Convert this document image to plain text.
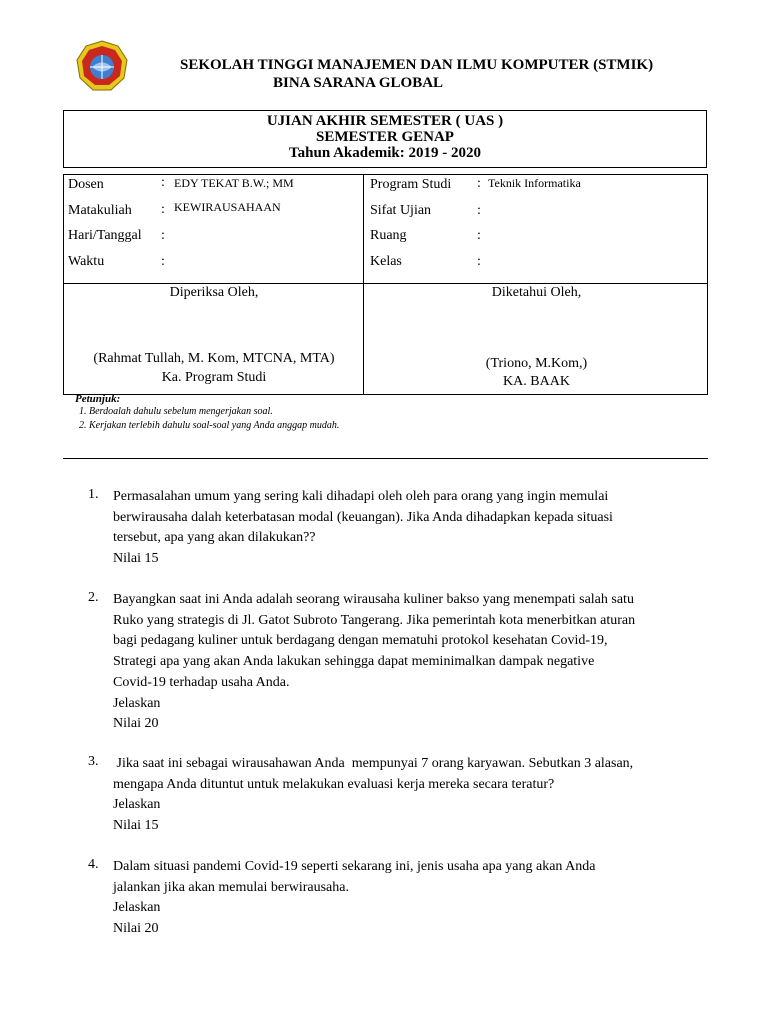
SEKOLAH TINGGI MANAJEMEN DAN ILMU KOMPUTER (STMIK)
BINA SARANA GLOBAL
UJIAN AKHIR SEMESTER ( UAS )
SEMESTER GENAP
Tahun Akademik: 2019 - 2020
Dosen	: EDY TEKAT B.W.; MM
Matakuliah : KEWIRAUSAHAAN
Hari/Tanggal :
Waktu	:
Program Studi : Teknik Informatika
Sifat Ujian	:
Ruang	:
Kelas	:
Diperiksa Oleh,
(Rahmat Tullah, M. Kom, MTCNA, MTA)
Ka. Program Studi
Diketahui Oleh,
(Triono, M.Kom,)
KA. BAAK
Petunjuk:
1. Berdoalah dahulu sebelum mengerjakan soal.
2. Kerjakan terlebih dahulu soal-soal yang Anda anggap mudah.
1. Permasalahan umum yang sering kali dihadapi oleh oleh para orang yang ingin memulai
berwirausaha dalah keterbatasan modal (keuangan). Jika Anda dihadapkan kepada situasi
tersebut, apa yang akan dilakukan??
Nilai 15
2. Bayangkan saat ini Anda adalah seorang wirausaha kuliner bakso yang menempati salah satu
Ruko yang strategis di Jl. Gatot Subroto Tangerang. Jika pemerintah kota menerbitkan aturan
bagi pedagang kuliner untuk berdagang dengan mematuhi protokol kesehatan Covid-19,
Strategi apa yang akan Anda lakukan sehingga dapat meminimalkan dampak negative
Covid-19 terhadap usaha Anda.
Jelaskan
Nilai 20
3. Jika saat ini sebagai wirausahawan Anda  mempunyai 7 orang karyawan. Sebutkan 3 alasan,
mengapa Anda dituntut untuk melakukan evaluasi kerja mereka secara teratur?
Jelaskan
Nilai 15
4. Dalam situasi pandemi Covid-19 seperti sekarang ini, jenis usaha apa yang akan Anda
jalankan jika akan memulai berwirausaha.
Jelaskan
Nilai 20
